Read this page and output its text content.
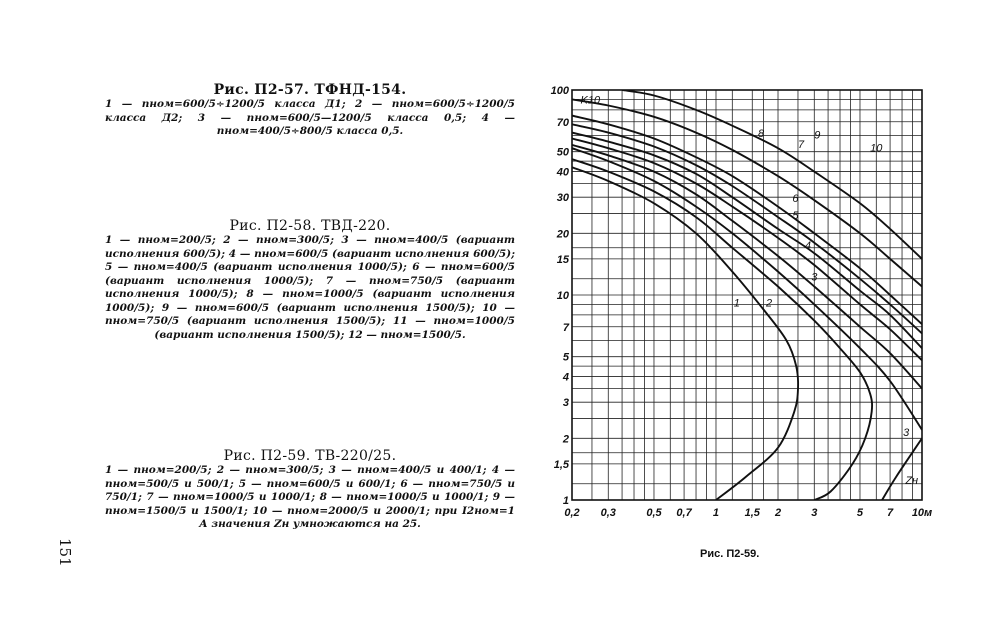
Рис. П2-57. ТФНД-154.
1 — nном=600/5÷1200/5 класса Д1; 2 — nном=600/5÷1200/5 класса Д2; 3 — nном=600/5—1200/5 класса 0,5; 4 — nном=400/5÷800/5 класса 0,5.
Рис. П2-58. ТВД-220.
1 — nном=200/5; 2 — nном=300/5; 3 — nном=400/5 (вариант исполнения 600/5); 4 — nном=600/5 (вариант исполнения 600/5); 5 — nном=400/5 (вариант исполнения 1000/5); 6 — nном=600/5 (вариант исполнения 1000/5); 7 — nном=750/5 (вариант исполнения 1000/5); 8 — nном=1000/5 (вариант исполнения 1000/5); 9 — nном=600/5 (вариант исполнения 1500/5); 10 — nном=750/5 (вариант исполнения 1500/5); 11 — nном=1000/5 (вариант исполнения 1500/5); 12 — nном=1500/5.
Рис. П2-59. ТВ-220/25.
1 — nном=200/5; 2 — nном=300/5; 3 — nном=400/5 и 400/1; 4 — nном=500/5 и 500/1; 5 — nном=600/5 и 600/1; 6 — nном=750/5 и 750/1; 7 — nном=1000/5 и 1000/1; 8 — nном=1000/5 и 1000/1; 9 — nном=1500/5 и 1500/1; 10 — nном=2000/5 и 2000/1; при I2ном=1 А значения Zн умножаются на 25.
151
0,2 0,3	0,5 0,7 1 1,5 2	3	5 7 10м
100
70
50
40
30
20
15
10
7
5
4
3
2
1,5
1
1 2
3
4
5
6
7
8	9
10
3
Zн
K10
Рис. П2-59.
